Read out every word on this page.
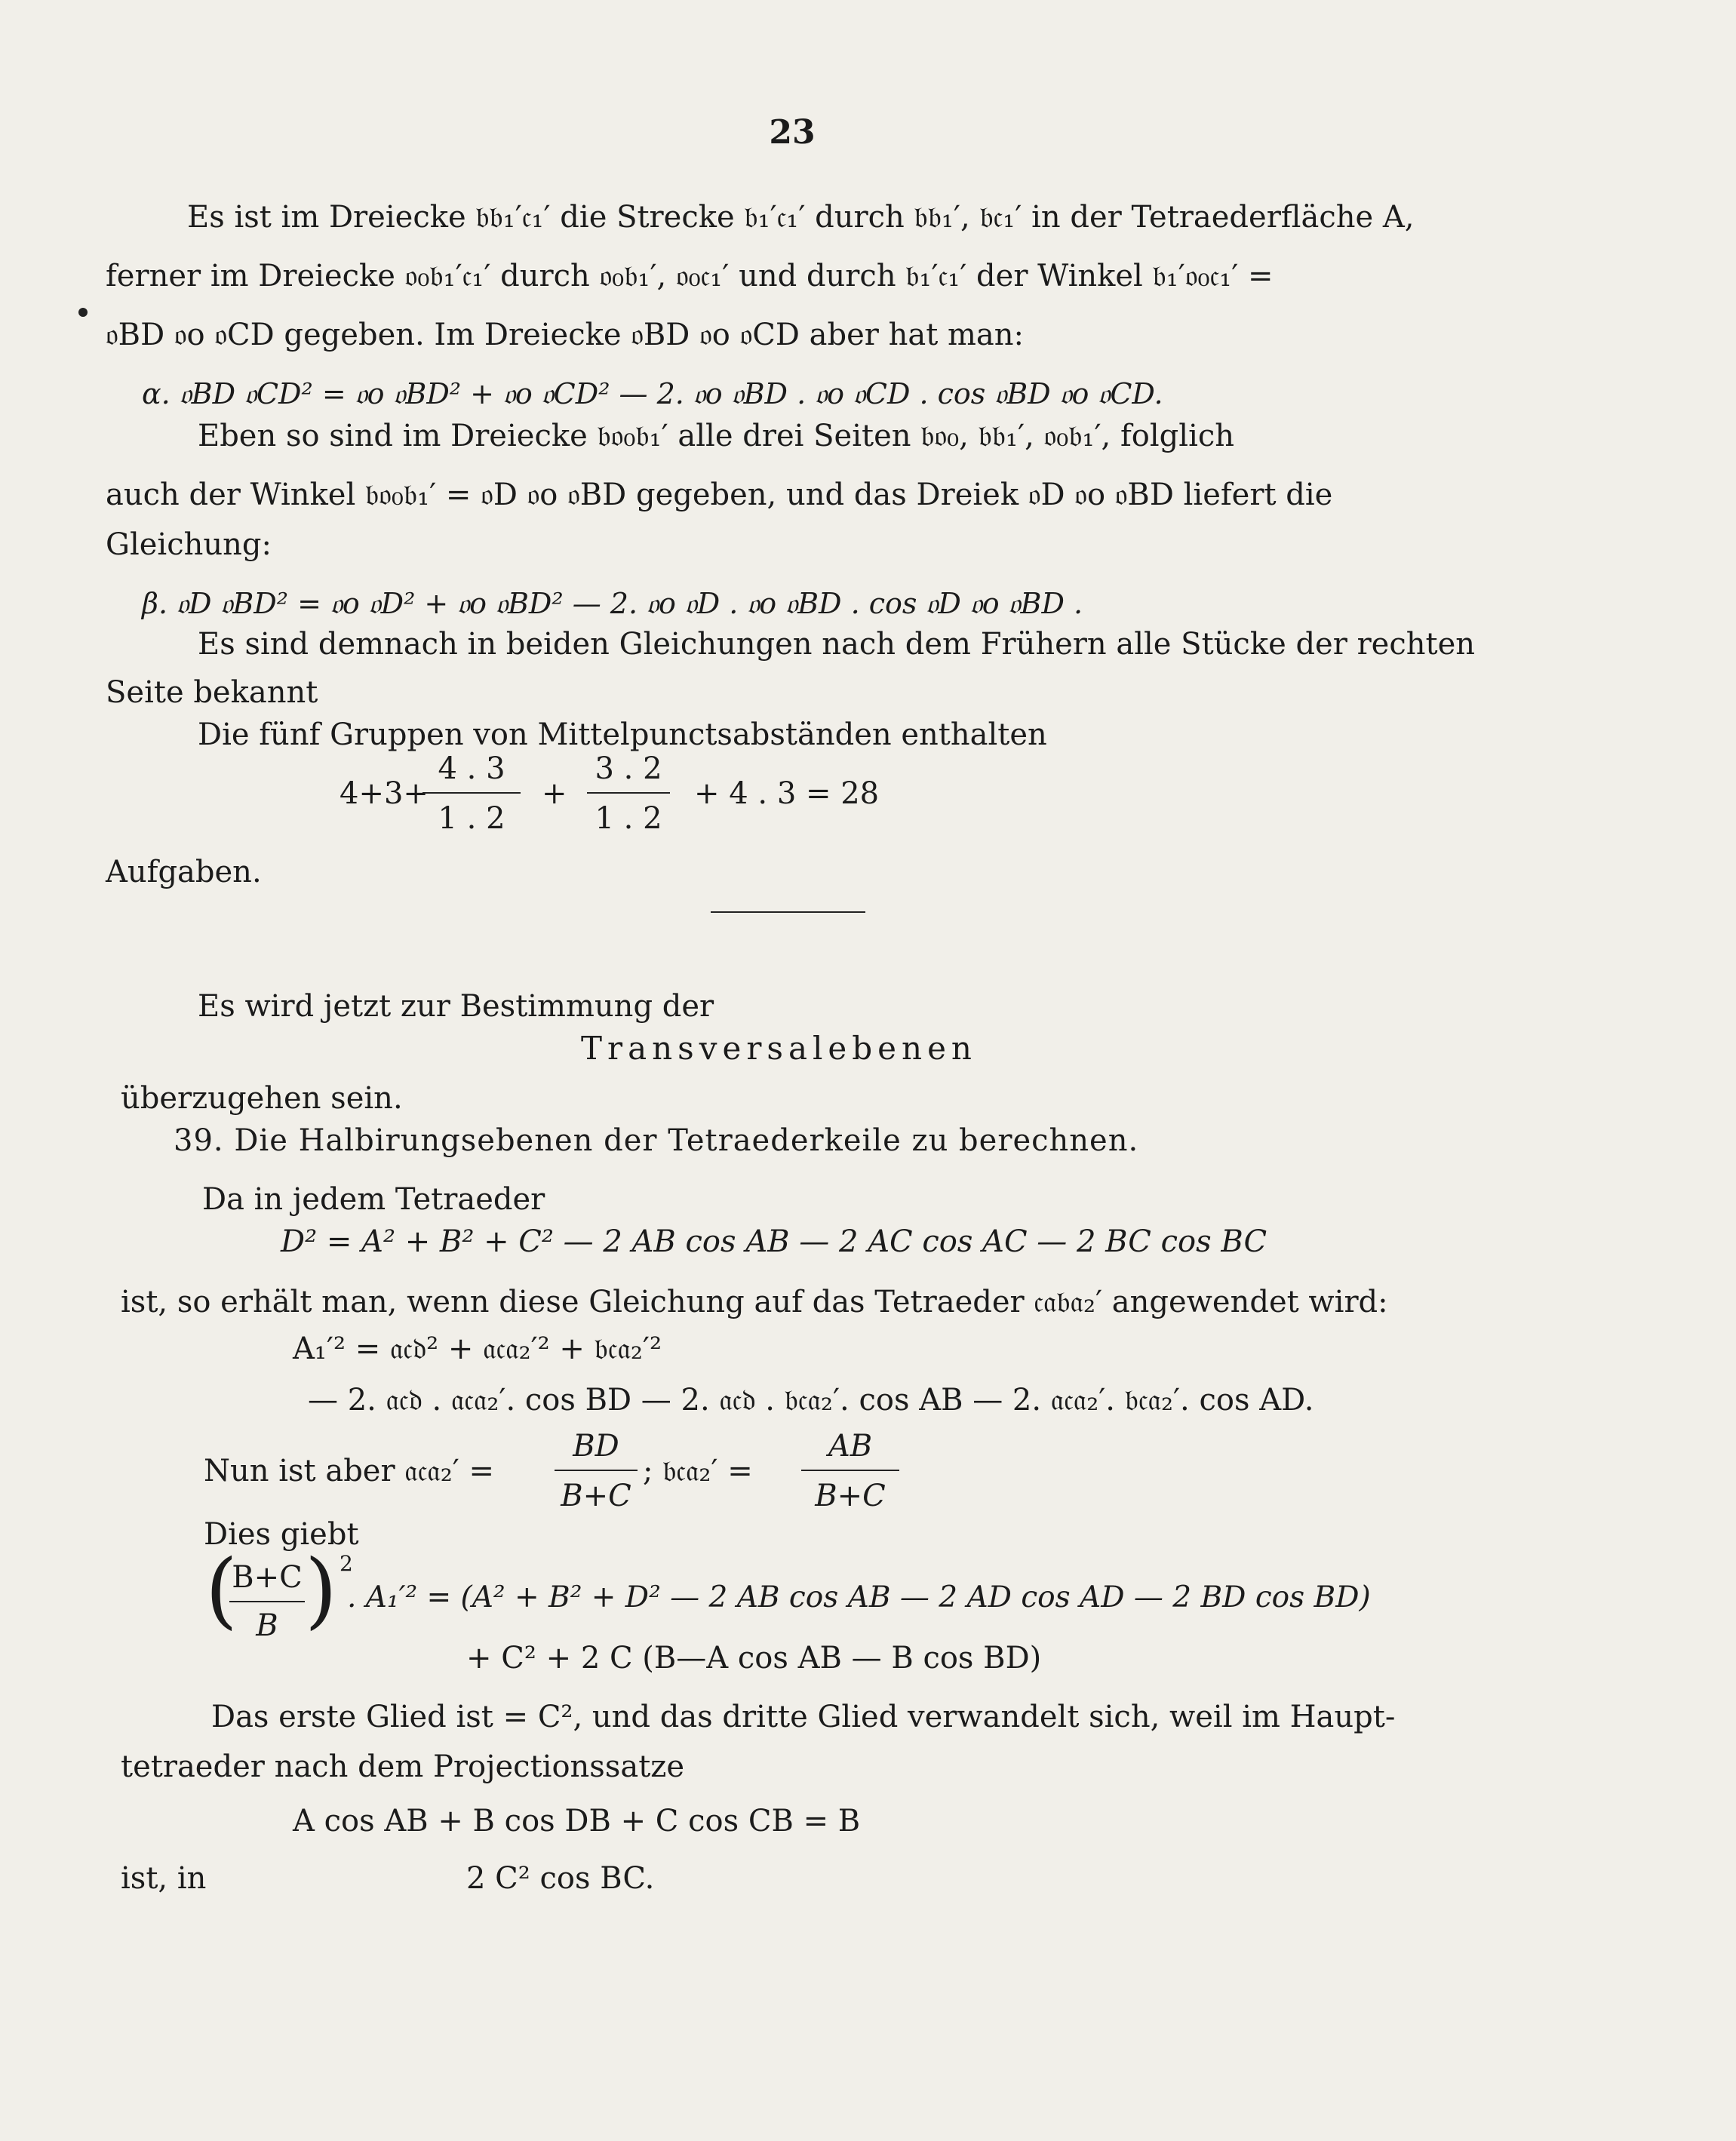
23
Es ist im Dreiecke 𝔟𝔟₁′𝔠₁′ die Strecke 𝔟₁′𝔠₁′ durch 𝔟𝔟₁′, 𝔟𝔠₁′ in der Tetraederfläche A,
ferner im Dreiecke 𝔬₀𝔟₁′𝔠₁′ durch 𝔬₀𝔟₁′, 𝔬₀𝔠₁′ und durch 𝔟₁′𝔠₁′ der Winkel 𝔟₁′𝔬₀𝔠₁′ =
𝔬BD 𝔬o 𝔬CD gegeben. Im Dreiecke 𝔬BD 𝔬o 𝔬CD aber hat man:
α. 𝔬BD 𝔬CD² = 𝔬o 𝔬BD² + 𝔬o 𝔬CD² — 2. 𝔬o 𝔬BD . 𝔬o 𝔬CD . cos 𝔬BD 𝔬o 𝔬CD.
Eben so sind im Dreiecke 𝔟𝔬₀𝔟₁′ alle drei Seiten 𝔟𝔬₀, 𝔟𝔟₁′, 𝔬₀𝔟₁′, folglich
auch der Winkel 𝔟𝔬₀𝔟₁′ = 𝔬D 𝔬o 𝔬BD gegeben, und das Dreiek 𝔬D 𝔬o 𝔬BD liefert die
Gleichung:
β. 𝔬D 𝔬BD² = 𝔬o 𝔬D² + 𝔬o 𝔬BD² — 2. 𝔬o 𝔬D . 𝔬o 𝔬BD . cos 𝔬D 𝔬o 𝔬BD .
Es sind demnach in beiden Gleichungen nach dem Frühern alle Stücke der rechten
Seite bekannt
Die fünf Gruppen von Mittelpunctsabständen enthalten
4+3+
4 . 3
1 . 2
+
3 . 2
1 . 2
+ 4 . 3 = 28
Aufgaben.
Es wird jetzt zur Bestimmung der
Transversalebenen
überzugehen sein.
39. Die Halbirungsebenen der Tetraederkeile zu berechnen.
Da in jedem Tetraeder
D² = A² + B² + C² — 2 AB cos AB — 2 AC cos AC — 2 BC cos BC
ist, so erhält man, wenn diese Gleichung auf das Tetraeder 𝔠𝔞𝔟𝔞₂′ angewendet wird:
A₁′² = 𝔞𝔠𝔡² + 𝔞𝔠𝔞₂′² + 𝔟𝔠𝔞₂′²
— 2. 𝔞𝔠𝔡 . 𝔞𝔠𝔞₂′. cos BD — 2. 𝔞𝔠𝔡 . 𝔟𝔠𝔞₂′. cos AB — 2. 𝔞𝔠𝔞₂′. 𝔟𝔠𝔞₂′. cos AD.
Nun ist aber 𝔞𝔠𝔞₂′ =
BD
B+C
; 𝔟𝔠𝔞₂′ =
AB
B+C
Dies giebt
(
B+C
B ) 2
. A₁′² = (A² + B² + D² — 2 AB cos AB — 2 AD cos AD — 2 BD cos BD)
+ C² + 2 C (B—A cos AB — B cos BD)
Das erste Glied ist = C², und das dritte Glied verwandelt sich, weil im Haupt-
tetraeder nach dem Projectionssatze
A cos AB + B cos DB + C cos CB = B
ist, in	2 C² cos BC.
